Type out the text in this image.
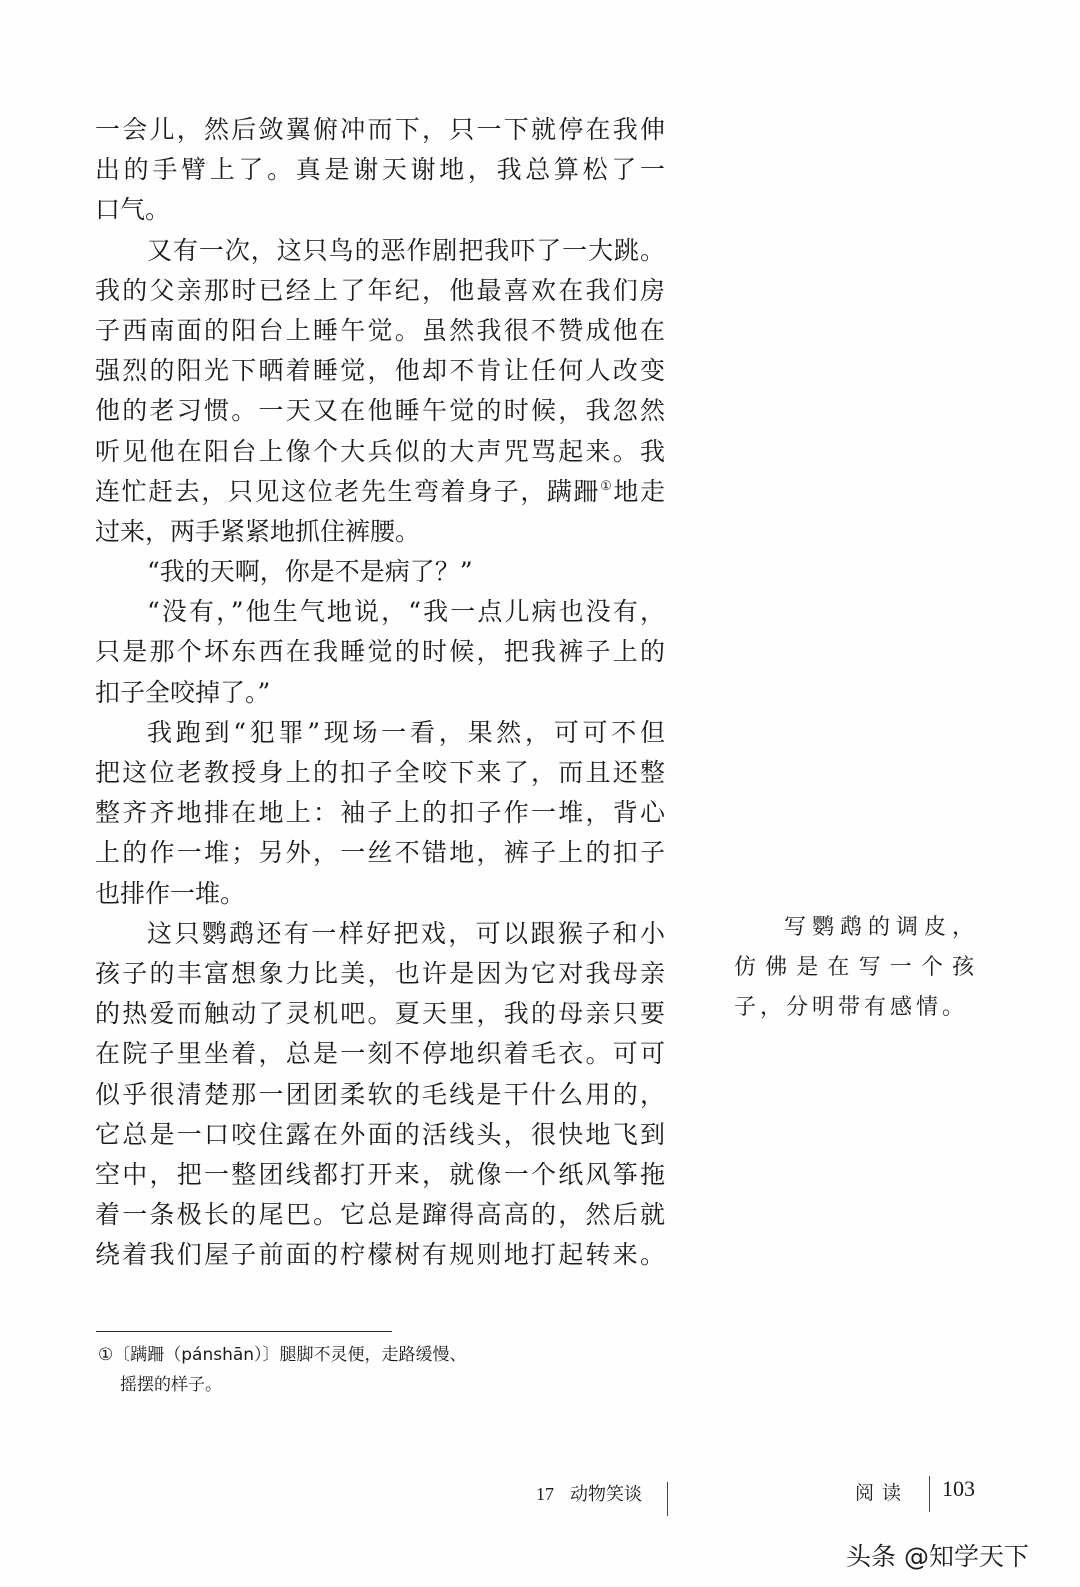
一会儿，然后敛翼俯冲而下，只一下就停在我伸
出的手臂上了。真是谢天谢地，我总算松了一
口气。
又有一次，这只鸟的恶作剧把我吓了一大跳。
我的父亲那时已经上了年纪，他最喜欢在我们房
子西南面的阳台上睡午觉。虽然我很不赞成他在
强烈的阳光下晒着睡觉，他却不肯让任何人改变
他的老习惯。一天又在他睡午觉的时候，我忽然
听见他在阳台上像个大兵似的大声咒骂起来。我
连忙赶去，只见这位老先生弯着身子，蹒跚①地走
过来，两手紧紧地抓住裤腰。
“我的天啊，你是不是病了？”
“没有，”他生气地说，“我一点儿病也没有，
只是那个坏东西在我睡觉的时候，把我裤子上的
扣子全咬掉了。”
我跑到“犯罪”现场一看，果然，可可不但
把这位老教授身上的扣子全咬下来了，而且还整
整齐齐地排在地上：袖子上的扣子作一堆，背心
上的作一堆；另外，一丝不错地，裤子上的扣子
也排作一堆。
这只鹦鹉还有一样好把戏，可以跟猴子和小
孩子的丰富想象力比美，也许是因为它对我母亲
的热爱而触动了灵机吧。夏天里，我的母亲只要
在院子里坐着，总是一刻不停地织着毛衣。可可
似乎很清楚那一团团柔软的毛线是干什么用的，
它总是一口咬住露在外面的活线头，很快地飞到
空中，把一整团线都打开来，就像一个纸风筝拖
着一条极长的尾巴。它总是蹿得高高的，然后就
绕着我们屋子前面的柠檬树有规则地打起转来。
写鹦鹉的调皮，
仿佛是在写一个孩
子，分明带有感情。
①〔蹒跚（pánshān）〕腿脚不灵便，走路缓慢、
摇摆的样子。
17 动物笑谈	阅读 103
头条 @知学天下
